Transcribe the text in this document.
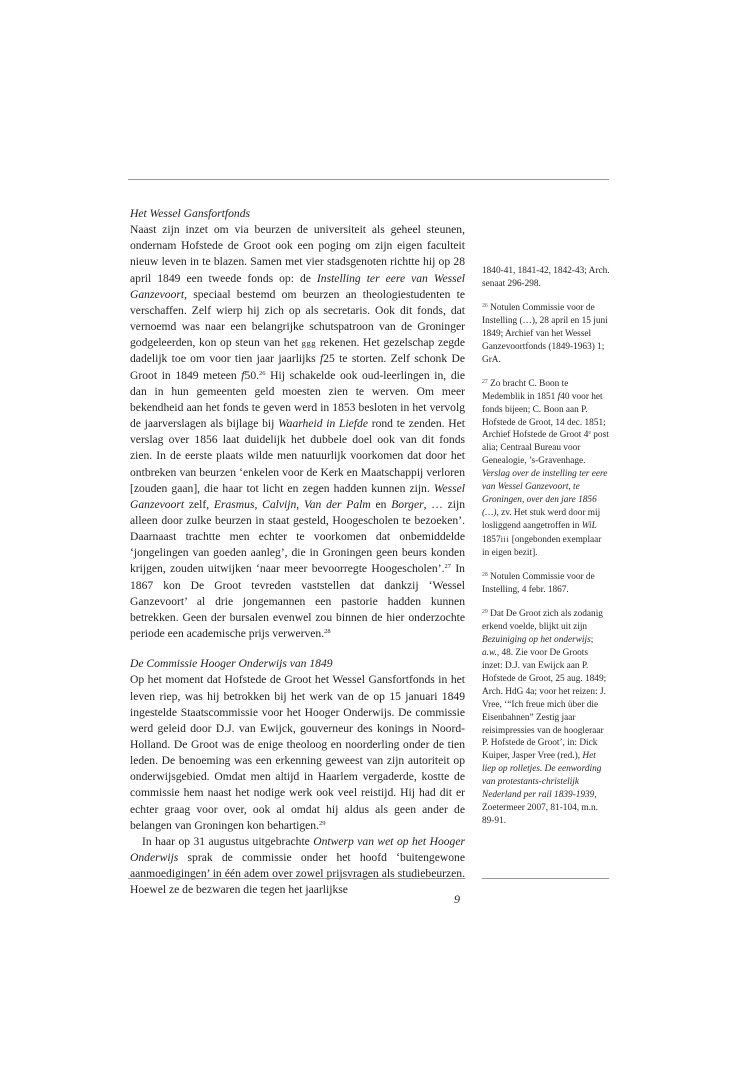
Het Wessel Gansfortfonds

Naast zijn inzet om via beurzen de universiteit als geheel steunen, ondernam Hofstede de Groot ook een poging om zijn eigen faculteit nieuw leven in te blazen. Samen met vier stadsgenoten richtte hij op 28 april 1849 een tweede fonds op: de Instelling ter eere van Wessel Ganzevoort, speciaal bestemd om beurzen an theologiestudenten te verschaffen. Zelf wierp hij zich op als secretaris. Ook dit fonds, dat vernoemd was naar een belangrijke schutspatroon van de Groninger godgeleerden, kon op steun van het ggg rekenen. Het gezelschap zegde dadelijk toe om voor tien jaar jaarlijks f25 te storten. Zelf schonk De Groot in 1849 meteen f50.26 Hij schakelde ook oud-leerlingen in, die dan in hun gemeenten geld moesten zien te werven. Om meer bekendheid aan het fonds te geven werd in 1853 besloten in het vervolg de jaarverslagen als bijlage bij Waarheid in Liefde rond te zenden. Het verslag over 1856 laat duidelijk het dubbele doel ook van dit fonds zien. In de eerste plaats wilde men natuurlijk voorkomen dat door het ontbreken van beurzen ‘enkelen voor de Kerk en Maatschappij verloren [zouden gaan], die haar tot licht en zegen hadden kunnen zijn. Wessel Ganzevoort zelf, Erasmus, Calvijn, Van der Palm en Borger, … zijn alleen door zulke beurzen in staat gesteld, Hoogescholen te bezoeken’. Daarnaast trachtte men echter te voorkomen dat onbemiddelde ‘jongelingen van goeden aanleg’, die in Groningen geen beurs konden krijgen, zouden uitwijken ‘naar meer bevoorregte Hoogescholen’.$^{27}$ In 1867 kon De Groot tevreden vaststellen dat dankzij ‘Wessel Ganzevoort’ al drie jongemannen een pastorie hadden kunnen betrekken. Geen der bursalen evenwel zou binnen de hier onderzochte periode een academische prijs verwerven.$^{28}$

De Commissie Hooger Onderwijs van 1849

Op het moment dat Hofstede de Groot het Wessel Gansfortfonds in het leven riep, was hij betrokken bij het werk van de op 15 januari 1849 ingestelde Staatscommissie voor het Hooger Onderwijs. De commissie werd geleid door D.J. van Ewijck, gouverneur des konings in Noord-Holland. De Groot was de enige theoloog en noorderling onder de tien leden. De benoeming was een erkenning geweest van zijn autoriteit op onderwijsgebied. Omdat men altijd in Haarlem vergaderde, kostte de commissie hem naast het nodige werk ook veel reistijd. Hij had dit er echter graag voor over, ook al omdat hij aldus als geen ander de belangen van Groningen kon behartigen.$^{29}$

In haar op 31 augustus uitgebrachte Ontwerp van wet op het Hooger Onderwijs sprak de commissie onder het hoofd ‘buitengewone aanmoedigingen’ in één adem over zowel prijsvragen als studiebeurzen. Hoewel ze de bezwaren die tegen het jaarlijkse

1840-41, 1841-42, 1842-43; Arch. senaat 296-298.
$^{26}$ Notulen Commissie voor de Instelling (…), 28 april en 15 juni 1849; Archief van het Wessel Ganzevoortfonds (1849-1963) 1; GrA.
$^{27}$ Zo bracht C. Boon te Medemblik in 1851 f40 voor het fonds bijeen; C. Boon aan P. Hofstede de Groot, 14 dec. 1851; Archief Hofstede de Groot 4e post alia; Centraal Bureau voor Genealogie, ’s-Gravenhage. Verslag over de instelling ter eere van Wessel Ganzevoort, te Groningen, over den jare 1856 (…), zv. Het stuk werd door mij losliggend aangetroffen in WiL 1857iii [ongebonden exemplaar in eigen bezit].
$^{28}$ Notulen Commissie voor de Instelling, 4 febr. 1867.
$^{29}$ Dat De Groot zich als zodanig erkend voelde, blijkt uit zijn Bezuiniging op het onderwijs; a.w., 48. Zie voor De Groots inzet: D.J. van Ewijck aan P. Hofstede de Groot, 25 aug. 1849; Arch. HdG 4a; voor het reizen: J. Vree, ‘“Ich freue mich über die Eisenbahnen” Zestig jaar reisimpressies van de hoogleraar P. Hofstede de Groot’, in: Dick Kuiper, Jasper Vree (red.), Het liep op rolletjes. De eenwording van protestants-christelijk Nederland per rail 1839-1939, Zoetermeer 2007, 81-104, m.n. 89-91.
9
